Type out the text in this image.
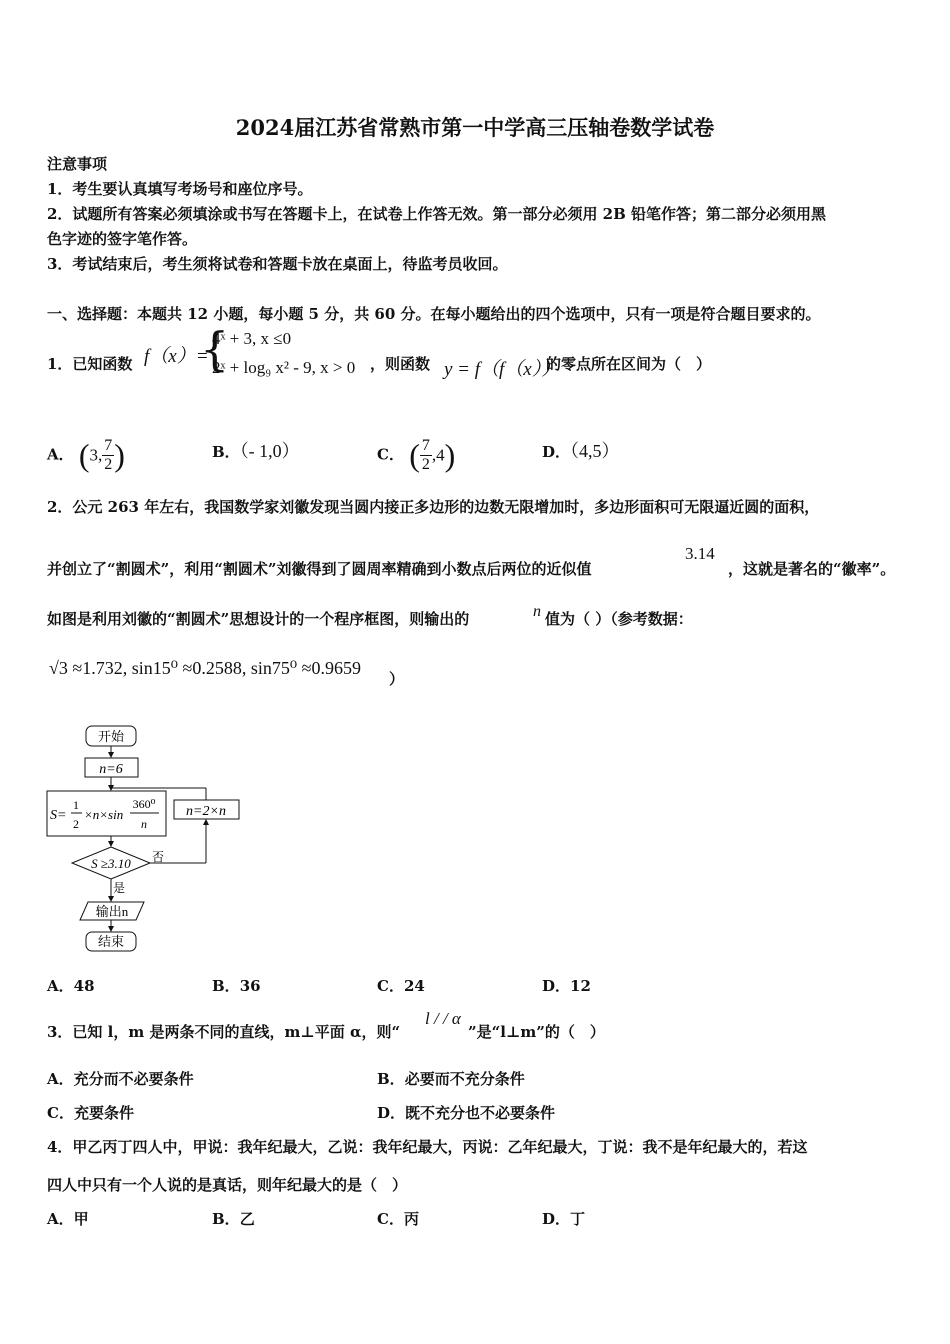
2024届江苏省常熟市第一中学高三压轴卷数学试卷
注意事项
1．考生要认真填写考场号和座位序号。
2．试题所有答案必须填涂或书写在答题卡上，在试卷上作答无效。第一部分必须用 2B 铅笔作答；第二部分必须用黑
色字迹的签字笔作答。
3．考试结束后，考生须将试卷和答题卡放在桌面上，待监考员收回。
一、选择题：本题共 12 小题，每小题 5 分，共 60 分。在每小题给出的四个选项中，只有一项是符合题目要求的。
1．已知函数 f（x）=
{
4ˣ + 3, x ≤0
2ˣ + log₉ x² - 9, x > 0 ，则函数 y = f（f（x））
的零点所在区间为（　）
A． (3, $\frac{7}{2}$ )	B．（- 1,0）	C． ( $\frac{7}{2} ,4$)	D．（4,5）
2．公元 263 年左右，我国数学家刘徽发现当圆内接正多边形的边数无限增加时，多边形面积可无限逼近圆的面积，
并创立了“割圆术”，利用“割圆术”刘徽得到了圆周率精确到小数点后两位的近似值
3.14
，这就是著名的“徽率”。
如图是利用刘徽的“割圆术”思想设计的一个程序框图，则输出的	n 值为（ ）（参考数据：
√3 ≈1.732, sin15⁰ ≈0.2588, sin75⁰ ≈0.9659
）
开始
n=6
S=
1
2
×n×sin
360⁰
n
n=2×n
S ≥3.10 否
是
输出n
结束
A．48	B．36	C．24	D．12
3．已知 l，m 是两条不同的直线，m⊥平面 α，则“
l / / α
”是“l⊥m”的（　）
A．充分而不必要条件	B．必要而不充分条件
C．充要条件	D．既不充分也不必要条件
4．甲乙丙丁四人中，甲说：我年纪最大，乙说：我年纪最大，丙说：乙年纪最大，丁说：我不是年纪最大的，若这
四人中只有一个人说的是真话，则年纪最大的是（　）
A．甲	B．乙	C．丙	D．丁
